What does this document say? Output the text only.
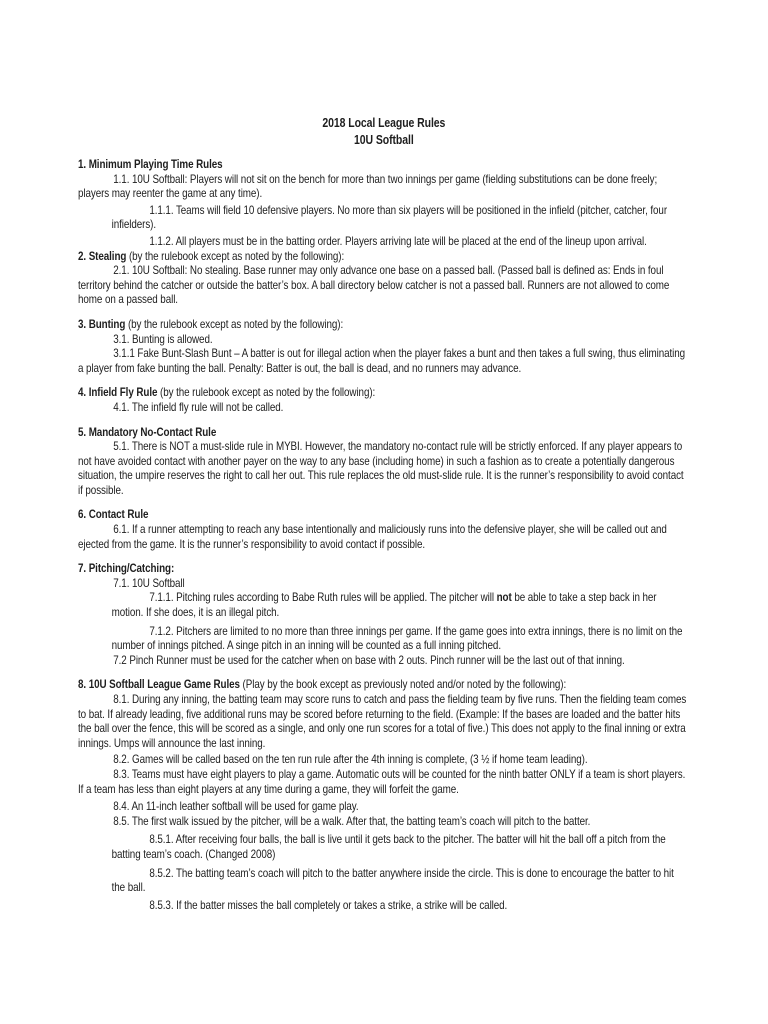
2018 Local League Rules
10U Softball

1. Minimum Playing Time Rules

1.1. 10U Softball: Players will not sit on the bench for more than two innings per game (fielding substitutions can be done freely; players may reenter the game at any time).

1.1.1. Teams will field 10 defensive players. No more than six players will be positioned in the infield (pitcher, catcher, four infielders).

1.1.2. All players must be in the batting order. Players arriving late will be placed at the end of the lineup upon arrival.

2. Stealing (by the rulebook except as noted by the following):

2.1. 10U Softball: No stealing. Base runner may only advance one base on a passed ball. (Passed ball is defined as: Ends in foul territory behind the catcher or outside the batter’s box. A ball directory below catcher is not a passed ball. Runners are not allowed to come home on a passed ball.

3. Bunting (by the rulebook except as noted by the following):

3.1. Bunting is allowed.

3.1.1 Fake Bunt-Slash Bunt – A batter is out for illegal action when the player fakes a bunt and then takes a full swing, thus eliminating a player from fake bunting the ball. Penalty: Batter is out, the ball is dead, and no runners may advance.

4. Infield Fly Rule (by the rulebook except as noted by the following):

4.1. The infield fly rule will not be called.

5. Mandatory No-Contact Rule

5.1. There is NOT a must-slide rule in MYBI. However, the mandatory no-contact rule will be strictly enforced. If any player appears to not have avoided contact with another payer on the way to any base (including home) in such a fashion as to create a potentially dangerous situation, the umpire reserves the right to call her out. This rule replaces the old must-slide rule. It is the runner’s responsibility to avoid contact if possible.

6. Contact Rule

6.1. If a runner attempting to reach any base intentionally and maliciously runs into the defensive player, she will be called out and ejected from the game. It is the runner’s responsibility to avoid contact if possible.

7. Pitching/Catching:

7.1. 10U Softball

7.1.1. Pitching rules according to Babe Ruth rules will be applied. The pitcher will not be able to take a step back in her motion. If she does, it is an illegal pitch.

7.1.2. Pitchers are limited to no more than three innings per game. If the game goes into extra innings, there is no limit on the number of innings pitched. A singe pitch in an inning will be counted as a full inning pitched.

7.2 Pinch Runner must be used for the catcher when on base with 2 outs. Pinch runner will be the last out of that inning.

8. 10U Softball League Game Rules (Play by the book except as previously noted and/or noted by the following):

8.1. During any inning, the batting team may score runs to catch and pass the fielding team by five runs. Then the fielding team comes to bat. If already leading, five additional runs may be scored before returning to the field. (Example: If the bases are loaded and the batter hits the ball over the fence, this will be scored as a single, and only one run scores for a total of five.) This does not apply to the final inning or extra innings. Umps will announce the last inning.

8.2. Games will be called based on the ten run rule after the 4th inning is complete, (3 ½ if home team leading).

8.3. Teams must have eight players to play a game. Automatic outs will be counted for the ninth batter ONLY if a team is short players. If a team has less than eight players at any time during a game, they will forfeit the game.

8.4. An 11-inch leather softball will be used for game play.

8.5. The first walk issued by the pitcher, will be a walk. After that, the batting team’s coach will pitch to the batter.

8.5.1. After receiving four balls, the ball is live until it gets back to the pitcher. The batter will hit the ball off a pitch from the batting team’s coach. (Changed 2008)

8.5.2. The batting team’s coach will pitch to the batter anywhere inside the circle. This is done to encourage the batter to hit the ball.

8.5.3. If the batter misses the ball completely or takes a strike, a strike will be called.
